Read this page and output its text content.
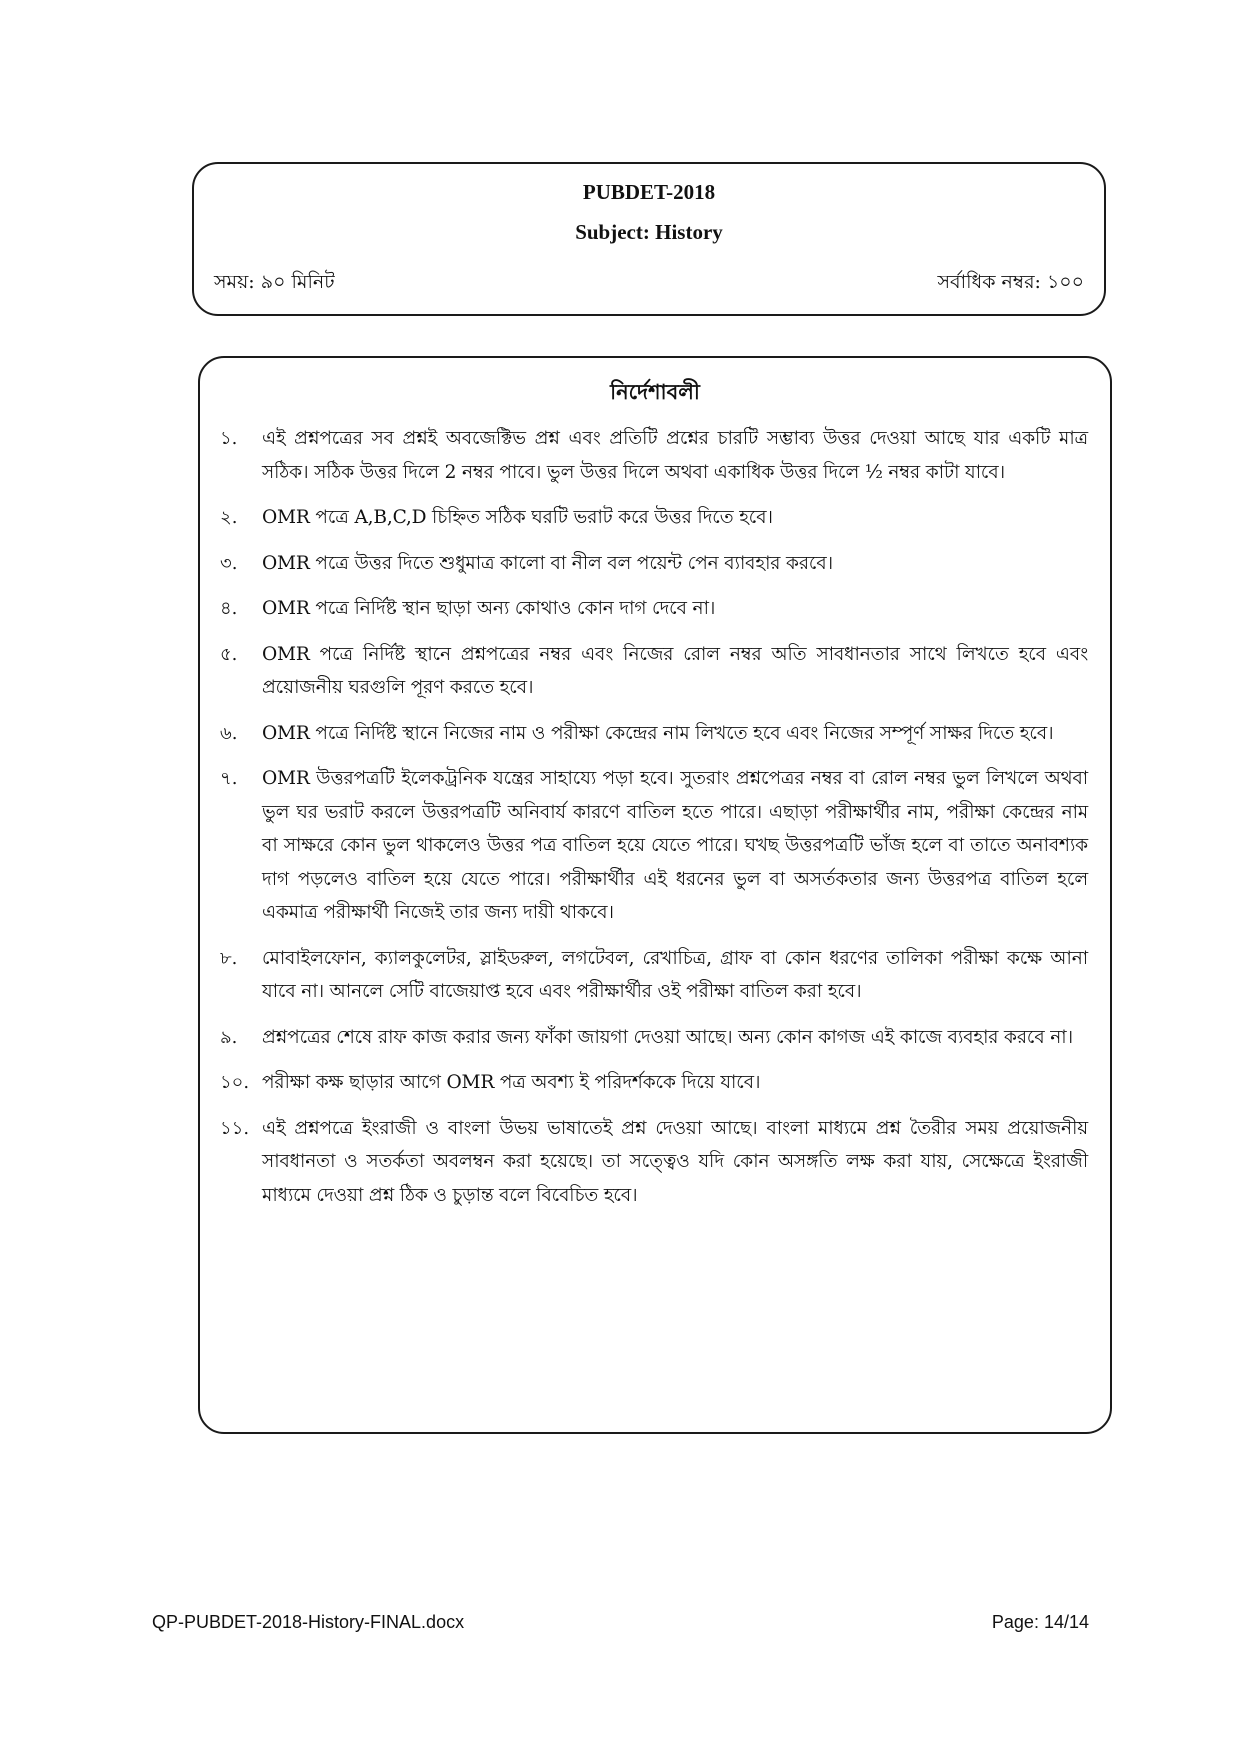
PUBDET-2018
Subject: History
সময়: ৯০ মিনিট	সর্বাধিক নম্বর: ১০০
নির্দেশাবলী
১.	এই প্রশ্নপত্রের সব প্রশ্নই অবজেক্টিভ প্রশ্ন এবং প্রতিটি প্রশ্নের চারটি সম্ভাব্য উত্তর দেওয়া আছে যার একটি মাত্র সঠিক। সঠিক উত্তর দিলে 2 নম্বর পাবে। ভুল উত্তর দিলে অথবা একাধিক উত্তর দিলে ½ নম্বর কাটা যাবে।
২.	OMR পত্রে A,B,C,D চিহ্নিত সঠিক ঘরটি ভরাট করে উত্তর দিতে হবে।
৩.	OMR পত্রে উত্তর দিতে শুধুমাত্র কালো বা নীল বল পয়েন্ট পেন ব্যাবহার করবে।
৪.	OMR পত্রে নির্দিষ্ট স্থান ছাড়া অন্য কোথাও কোন দাগ দেবে না।
৫.	OMR পত্রে নির্দিষ্ট স্থানে প্রশ্নপত্রের নম্বর এবং নিজের রোল নম্বর অতি সাবধানতার সাথে লিখতে হবে এবং প্রয়োজনীয় ঘরগুলি পূরণ করতে হবে।
৬.	OMR পত্রে নির্দিষ্ট স্থানে নিজের নাম ও পরীক্ষা কেন্দ্রের নাম লিখতে হবে এবং নিজের সম্পূর্ণ সাক্ষর দিতে হবে।
৭.	OMR উত্তরপত্রটি ইলেকট্রনিক যন্ত্রের সাহায্যে পড়া হবে। সুতরাং প্রশ্নপেত্রর নম্বর বা রোল নম্বর ভুল লিখলে অথবা ভুল ঘর ভরাট করলে উত্তরপত্রটি অনিবার্য কারণে বাতিল হতে পারে। এছাড়া পরীক্ষার্থীর নাম, পরীক্ষা কেন্দ্রের নাম বা সাক্ষরে কোন ভুল থাকলেও উত্তর পত্র বাতিল হয়ে যেতে পারে। ঘখছ উত্তরপত্রটি ভাঁজ হলে বা তাতে অনাবশ্যক দাগ পড়লেও বাতিল হয়ে যেতে পারে। পরীক্ষার্থীর এই ধরনের ভুল বা অসর্তকতার জন্য উত্তরপত্র বাতিল হলে একমাত্র পরীক্ষার্থী নিজেই তার জন্য দায়ী থাকবে।
৮.	মোবাইলফোন, ক্যালকুলেটর, স্লাইডরুল, লগটেবল, রেখাচিত্র, গ্রাফ বা কোন ধরণের তালিকা পরীক্ষা কক্ষে আনা যাবে না। আনলে সেটি বাজেয়াপ্ত হবে এবং পরীক্ষার্থীর ওই পরীক্ষা বাতিল করা হবে।
৯.	প্রশ্নপত্রের শেষে রাফ কাজ করার জন্য ফাঁকা জায়গা দেওয়া আছে। অন্য কোন কাগজ এই কাজে ব্যবহার করবে না।
১০. পরীক্ষা কক্ষ ছাড়ার আগে OMR পত্র অবশ্য ই পরিদর্শককে দিয়ে যাবে।
১১. এই প্রশ্নপত্রে ইংরাজী ও বাংলা উভয় ভাষাতেই প্রশ্ন দেওয়া আছে। বাংলা মাধ্যমে প্রশ্ন তৈরীর সময় প্রয়োজনীয় সাবধানতা ও সতর্কতা অবলম্বন করা হয়েছে। তা সত্ত্বেও যদি কোন অসঙ্গতি লক্ষ করা যায়, সেক্ষেত্রে ইংরাজী মাধ্যমে দেওয়া প্রশ্ন ঠিক ও চুড়ান্ত বলে বিবেচিত হবে।
QP-PUBDET-2018-History-FINAL.docx	Page: 14/14
